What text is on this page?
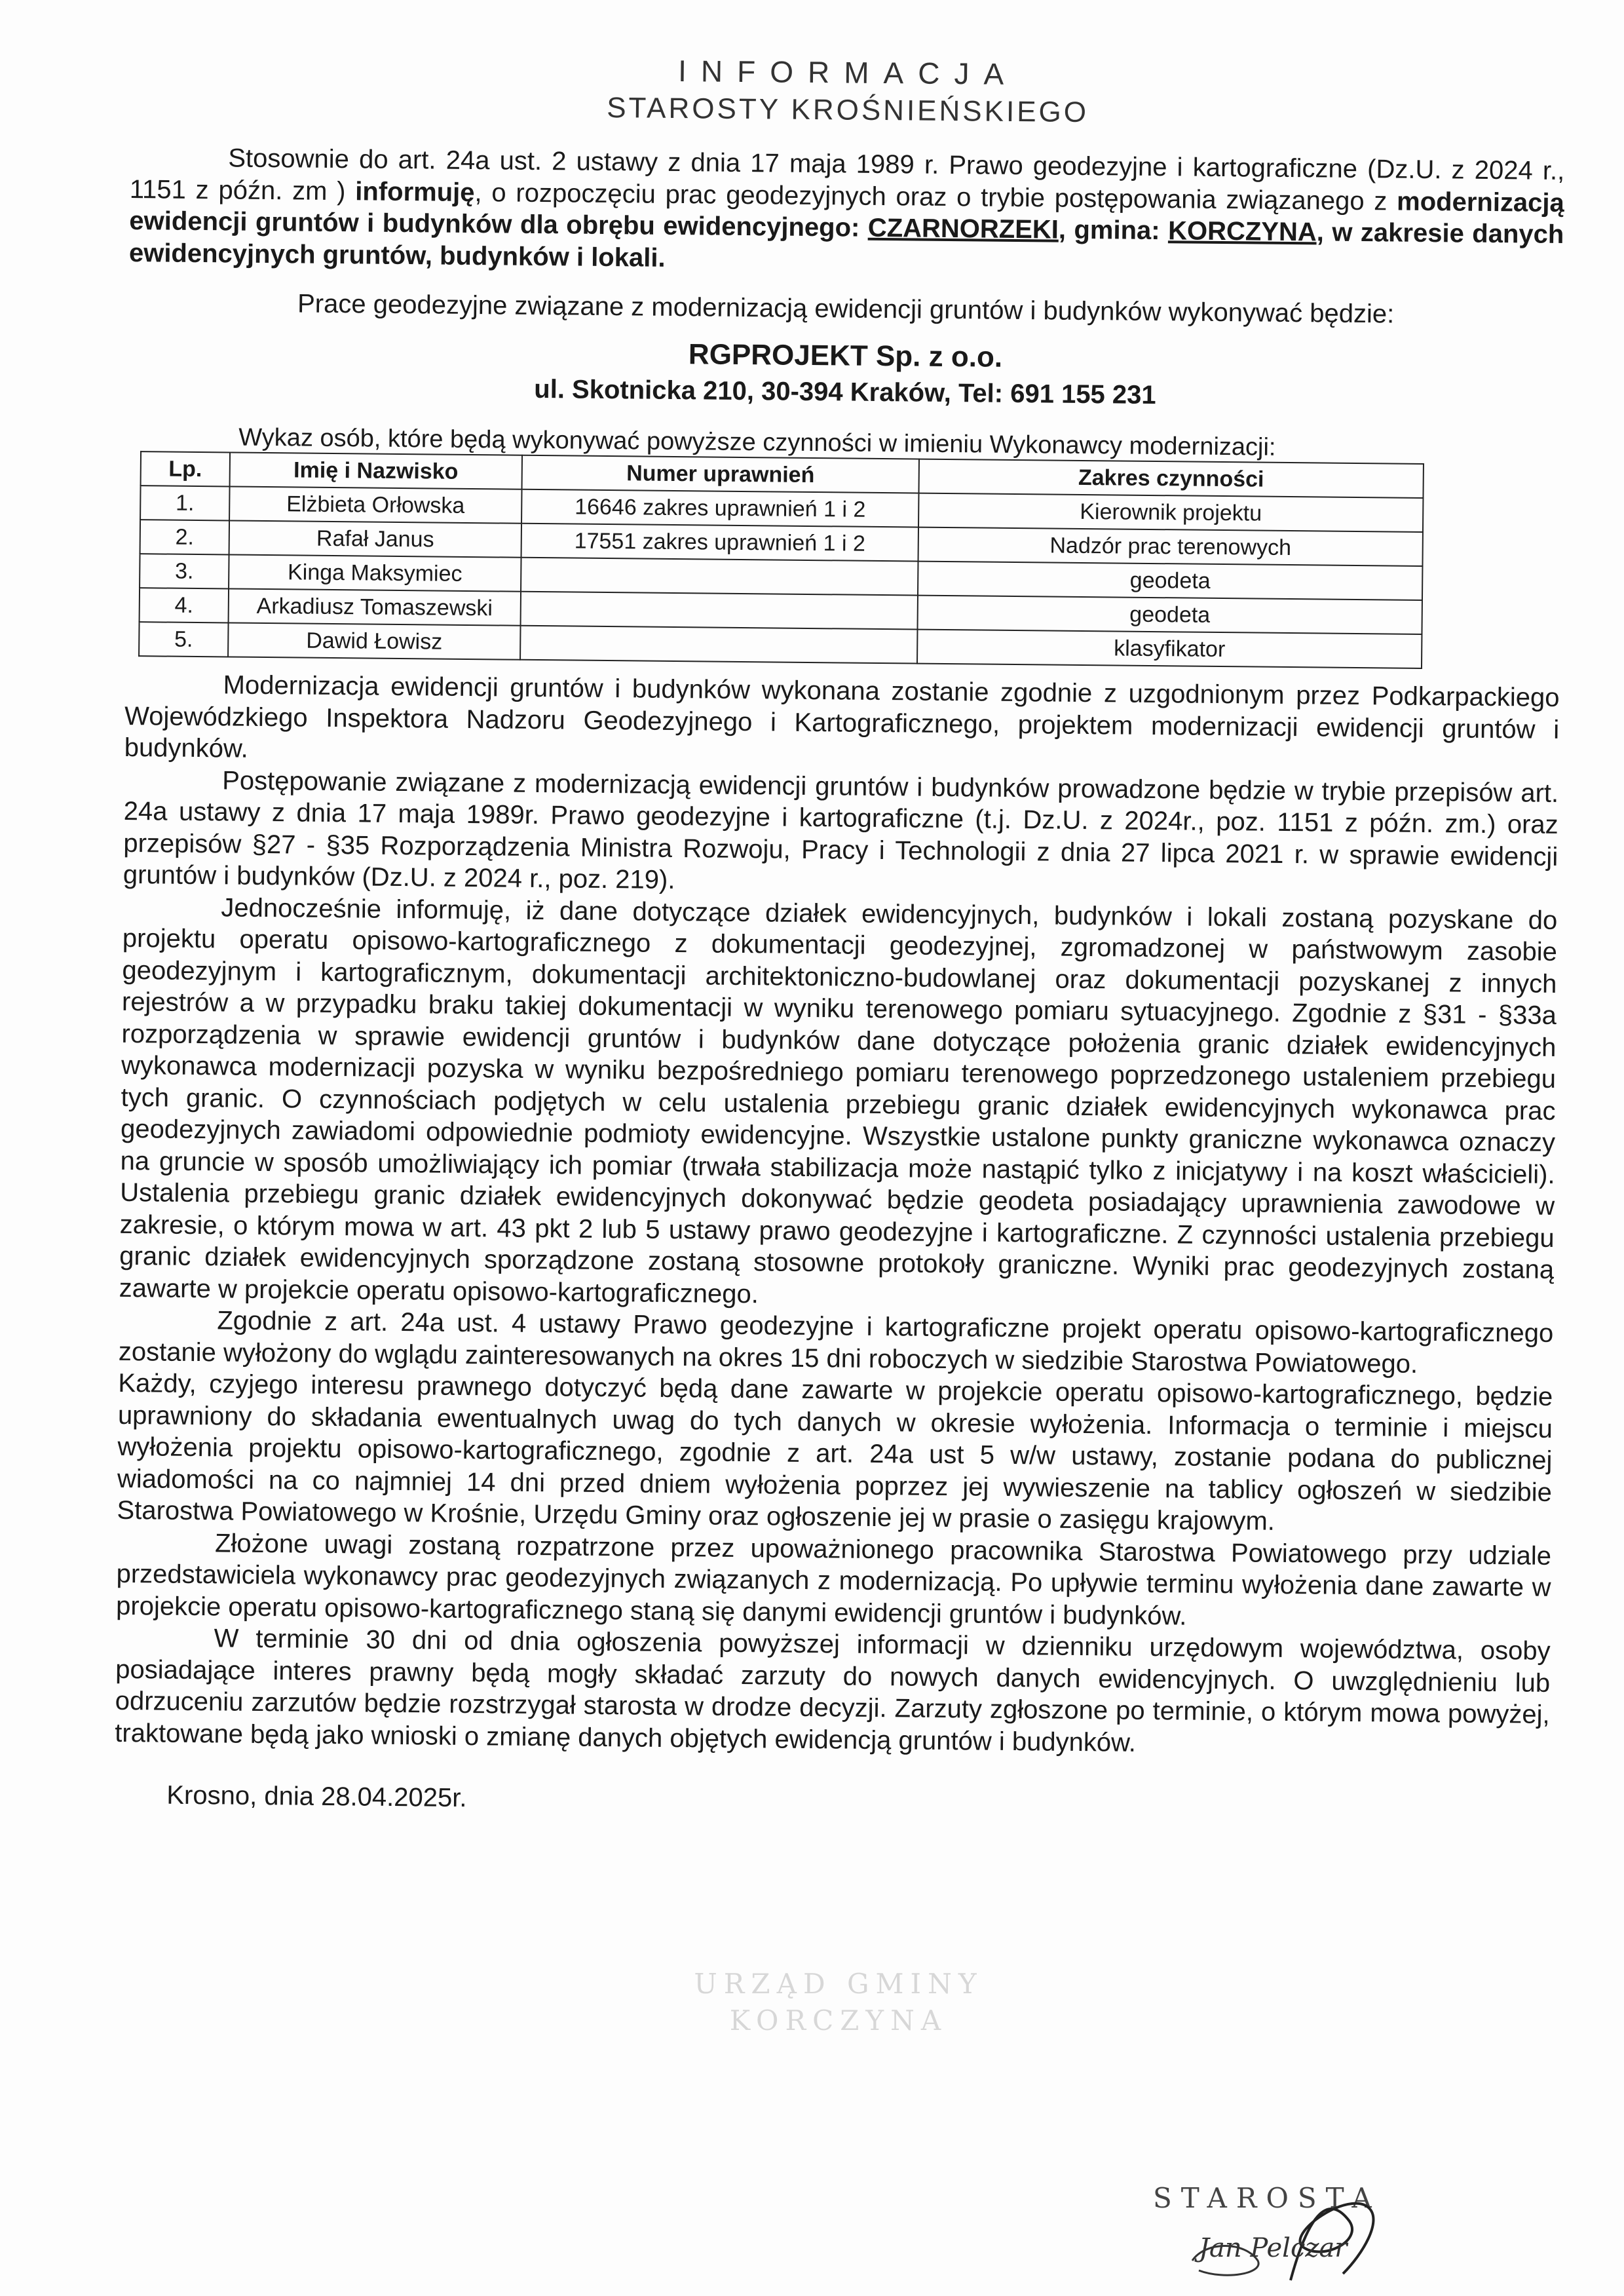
INFORMACJA
STAROSTY KROŚNIEŃSKIEGO

Stosownie do art. 24a ust. 2 ustawy z dnia 17 maja 1989 r. Prawo geodezyjne i kartograficzne (Dz.U. z 2024 r., 1151 z późn. zm ) informuję, o rozpoczęciu prac geodezyjnych oraz o trybie postępowania związanego z modernizacją ewidencji gruntów i budynków dla obrębu ewidencyjnego: CZARNORZEKI, gmina: KORCZYNA, w zakresie danych ewidencyjnych gruntów, budynków i lokali.

Prace geodezyjne związane z modernizacją ewidencji gruntów i budynków wykonywać będzie:

RGPROJEKT Sp. z o.o.
ul. Skotnicka 210, 30-394 Kraków, Tel: 691 155 231
Wykaz osób, które będą wykonywać powyższe czynności w imieniu Wykonawcy modernizacji:
Lp.	Imię i Nazwisko	Numer uprawnień	Zakres czynności
1.	Elżbieta Orłowska	16646 zakres uprawnień 1 i 2	Kierownik projektu
2.	Rafał Janus	17551 zakres uprawnień 1 i 2	Nadzór prac terenowych
3.	Kinga Maksymiec		geodeta
4.	Arkadiusz Tomaszewski		geodeta
5.	Dawid Łowisz		klasyfikator

Modernizacja ewidencji gruntów i budynków wykonana zostanie zgodnie z uzgodnionym przez Podkarpackiego Wojewódzkiego Inspektora Nadzoru Geodezyjnego i Kartograficznego, projektem modernizacji ewidencji gruntów i budynków.

Postępowanie związane z modernizacją ewidencji gruntów i budynków prowadzone będzie w trybie przepisów art. 24a ustawy z dnia 17 maja 1989r. Prawo geodezyjne i kartograficzne (t.j. Dz.U. z 2024r., poz. 1151 z późn. zm.) oraz przepisów §27 - §35 Rozporządzenia Ministra Rozwoju, Pracy i Technologii z dnia 27 lipca 2021 r. w sprawie ewidencji gruntów i budynków (Dz.U. z 2024 r., poz. 219).

Jednocześnie informuję, iż dane dotyczące działek ewidencyjnych, budynków i lokali zostaną pozyskane do projektu operatu opisowo-kartograficznego z dokumentacji geodezyjnej, zgromadzonej w państwowym zasobie geodezyjnym i kartograficznym, dokumentacji architektoniczno-budowlanej oraz dokumentacji pozyskanej z innych rejestrów a w przypadku braku takiej dokumentacji w wyniku terenowego pomiaru sytuacyjnego. Zgodnie z §31 - §33a rozporządzenia w sprawie ewidencji gruntów i budynków dane dotyczące położenia granic działek ewidencyjnych wykonawca modernizacji pozyska w wyniku bezpośredniego pomiaru terenowego poprzedzonego ustaleniem przebiegu tych granic. O czynnościach podjętych w celu ustalenia przebiegu granic działek ewidencyjnych wykonawca prac geodezyjnych zawiadomi odpowiednie podmioty ewidencyjne. Wszystkie ustalone punkty graniczne wykonawca oznaczy na gruncie w sposób umożliwiający ich pomiar (trwała stabilizacja może nastąpić tylko z inicjatywy i na koszt właścicieli). Ustalenia przebiegu granic działek ewidencyjnych dokonywać będzie geodeta posiadający uprawnienia zawodowe w zakresie, o którym mowa w art. 43 pkt 2 lub 5 ustawy prawo geodezyjne i kartograficzne. Z czynności ustalenia przebiegu granic działek ewidencyjnych sporządzone zostaną stosowne protokoły graniczne. Wyniki prac geodezyjnych zostaną zawarte w projekcie operatu opisowo-kartograficznego.

Zgodnie z art. 24a ust. 4 ustawy Prawo geodezyjne i kartograficzne projekt operatu opisowo-kartograficznego zostanie wyłożony do wglądu zainteresowanych na okres 15 dni roboczych w siedzibie Starostwa Powiatowego.

Każdy, czyjego interesu prawnego dotyczyć będą dane zawarte w projekcie operatu opisowo-kartograficznego, będzie uprawniony do składania ewentualnych uwag do tych danych w okresie wyłożenia. Informacja o terminie i miejscu wyłożenia projektu opisowo-kartograficznego, zgodnie z art. 24a ust 5 w/w ustawy, zostanie podana do publicznej wiadomości na co najmniej 14 dni przed dniem wyłożenia poprzez jej wywieszenie na tablicy ogłoszeń w siedzibie Starostwa Powiatowego w Krośnie, Urzędu Gminy oraz ogłoszenie jej w prasie o zasięgu krajowym.

Złożone uwagi zostaną rozpatrzone przez upoważnionego pracownika Starostwa Powiatowego przy udziale przedstawiciela wykonawcy prac geodezyjnych związanych z modernizacją. Po upływie terminu wyłożenia dane zawarte w projekcie operatu opisowo-kartograficznego staną się danymi ewidencji gruntów i budynków.

W terminie 30 dni od dnia ogłoszenia powyższej informacji w dzienniku urzędowym województwa, osoby posiadające interes prawny będą mogły składać zarzuty do nowych danych ewidencyjnych. O uwzględnieniu lub odrzuceniu zarzutów będzie rozstrzygał starosta w drodze decyzji. Zarzuty zgłoszone po terminie, o którym mowa powyżej, traktowane będą jako wnioski o zmianę danych objętych ewidencją gruntów i budynków.

Krosno, dnia 28.04.2025r.
URZĄD GMINY
KORCZYNA
STAROSTA
Jan Pelczar
